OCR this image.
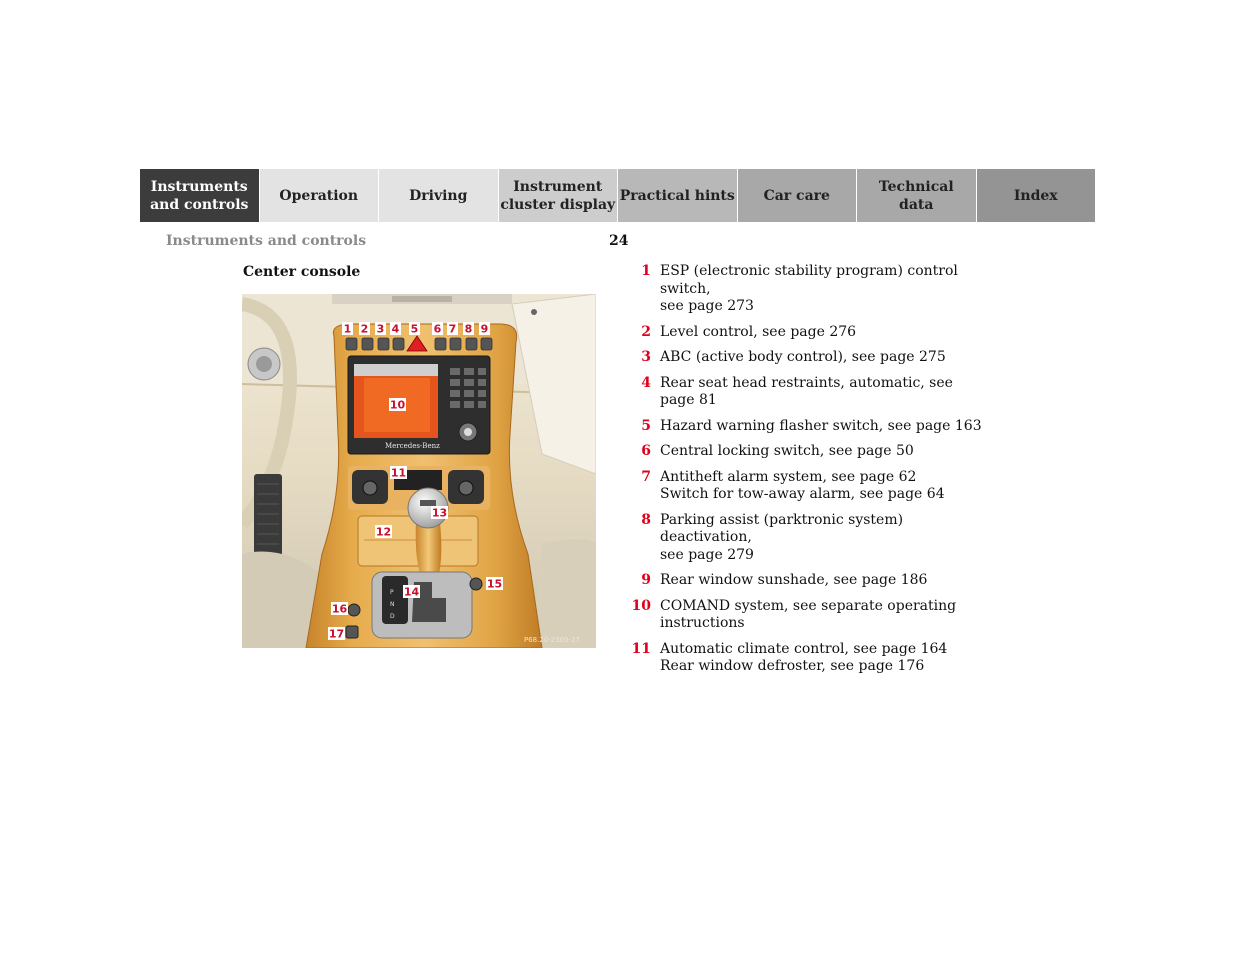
Instruments
and controls
Operation	Driving
Instrument
cluster display
Practical hints	Car care
Technical
data
Index
Instruments and controls	24
Center console
Mercedes-Benz
P
N
D
1 2 3 4 5 6 7 8 9
10
11
12
13
14
15
16
17	P68.20-2303-27
1 ESP (electronic stability program) control switch,
see page 273
2 Level control, see page 276
3 ABC (active body control), see page 275
4 Rear seat head restraints, automatic, see page 81
5 Hazard warning flasher switch, see page 163
6 Central locking switch, see page 50
7 Antitheft alarm system, see page 62
Switch for tow-away alarm, see page 64
8 Parking assist (parktronic system) deactivation,
see page 279
9 Rear window sunshade, see page 186
10 COMAND system, see separate operating
instructions
11 Automatic climate control, see page 164
Rear window defroster, see page 176
